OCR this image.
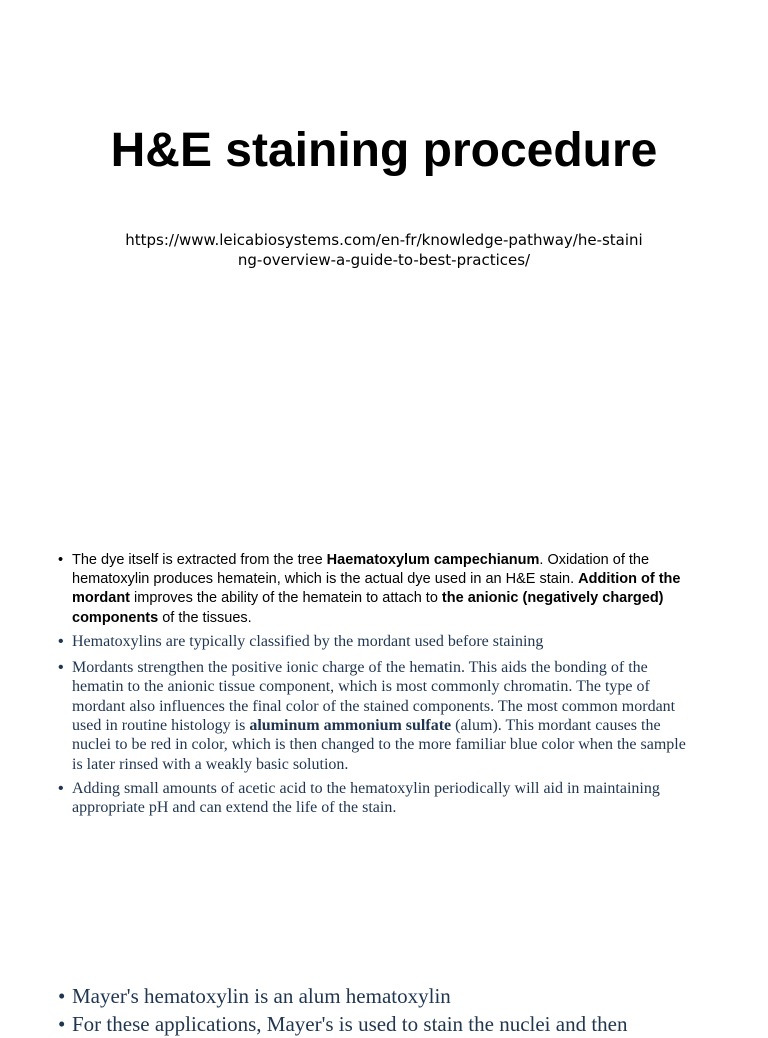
H&E staining procedure
https://www.leicabiosystems.com/en-fr/knowledge-pathway/he-staining-overview-a-guide-to-best-practices/
• The dye itself is extracted from the tree Haematoxylum campechianum. Oxidation of the hematoxylin produces hematein, which is the actual dye used in an H&E stain. Addition of the mordant improves the ability of the hematein to attach to the anionic (negatively charged) components of the tissues.
• Hematoxylins are typically classified by the mordant used before staining
• Mordants strengthen the positive ionic charge of the hematin. This aids the bonding of the hematin to the anionic tissue component, which is most commonly chromatin. The type of mordant also influences the final color of the stained components. The most common mordant used in routine histology is aluminum ammonium sulfate (alum). This mordant causes the nuclei to be red in color, which is then changed to the more familiar blue color when the sample is later rinsed with a weakly basic solution.
• Adding small amounts of acetic acid to the hematoxylin periodically will aid in maintaining appropriate pH and can extend the life of the stain.
• Mayer's hematoxylin is an alum hematoxylin
• For these applications, Mayer's is used to stain the nuclei and then
